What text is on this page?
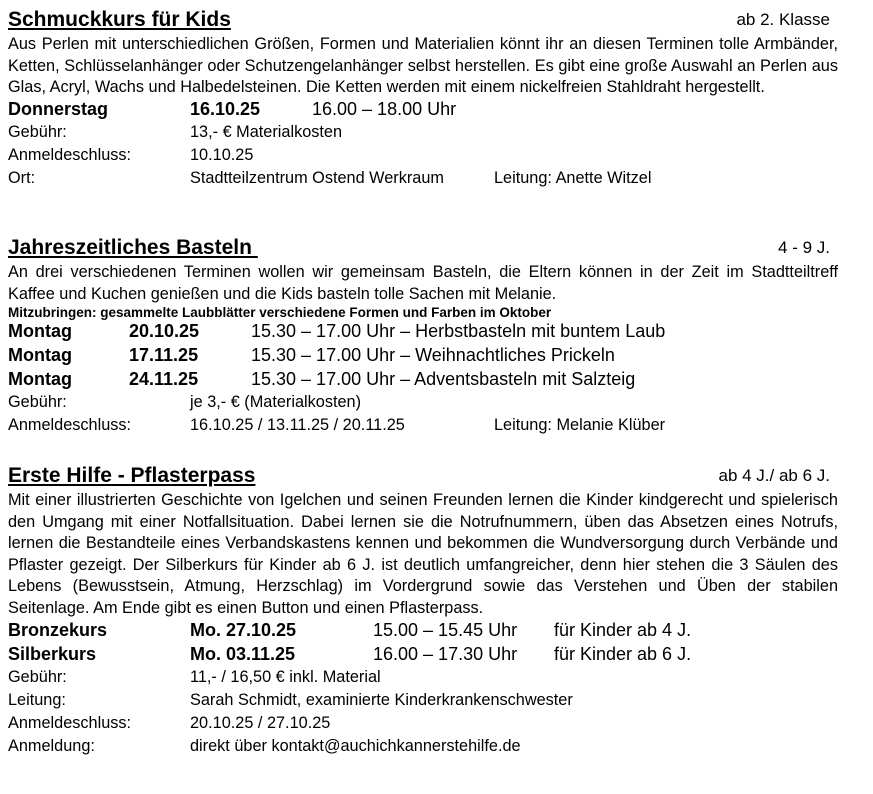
Schmuckkurs für Kids	ab 2. Klasse

Aus Perlen mit unterschiedlichen Größen, Formen und Materialien könnt ihr an diesen Terminen tolle Armbänder, Ketten, Schlüsselanhänger oder Schutzengelanhänger selbst herstellen. Es gibt eine große Auswahl an Perlen aus Glas, Acryl, Wachs und Halbedelsteinen. Die Ketten werden mit einem nickelfreien Stahldraht hergestellt.

Donnerstag	16.10.25	16.00 – 18.00 Uhr
Gebühr:	13,- € Materialkosten
Anmeldeschluss:	10.10.25
Ort:	Stadtteilzentrum Ostend Werkraum	Leitung: Anette Witzel
Jahreszeitliches Basteln	4 - 9 J.

An drei verschiedenen Terminen wollen wir gemeinsam Basteln, die Eltern können in der Zeit im Stadtteiltreff Kaffee und Kuchen genießen und die Kids basteln tolle Sachen mit Melanie.

Mitzubringen: gesammelte Laubblätter verschiedene Formen und Farben im Oktober
Montag	20.10.25	15.30 – 17.00 Uhr – Herbstbasteln mit buntem Laub
Montag	17.11.25	15.30 – 17.00 Uhr – Weihnachtliches Prickeln
Montag	24.11.25	15.30 – 17.00 Uhr – Adventsbasteln mit Salzteig
Gebühr:	je 3,- € (Materialkosten)
Anmeldeschluss:	16.10.25 / 13.11.25 / 20.11.25	Leitung: Melanie Klüber
Erste Hilfe - Pflasterpass	ab 4 J./ ab 6 J.

Mit einer illustrierten Geschichte von Igelchen und seinen Freunden lernen die Kinder kindgerecht und spielerisch den Umgang mit einer Notfallsituation. Dabei lernen sie die Notrufnummern, üben das Absetzen eines Notrufs, lernen die Bestandteile eines Verbandskastens kennen und bekommen die Wundversorgung durch Verbände und Pflaster gezeigt. Der Silberkurs für Kinder ab 6 J. ist deutlich umfangreicher, denn hier stehen die 3 Säulen des Lebens (Bewusstsein, Atmung, Herzschlag) im Vordergrund sowie das Verstehen und Üben der stabilen Seitenlage. Am Ende gibt es einen Button und einen Pflasterpass.

Bronzekurs	Mo. 27.10.25	15.00 – 15.45 Uhr für Kinder ab 4 J.
Silberkurs	Mo. 03.11.25	16.00 – 17.30 Uhr für Kinder ab 6 J.
Gebühr:	11,- / 16,50 € inkl. Material
Leitung:	Sarah Schmidt, examinierte Kinderkrankenschwester
Anmeldeschluss:	20.10.25 / 27.10.25
Anmeldung:	direkt über kontakt@auchichkannerstehilfe.de
